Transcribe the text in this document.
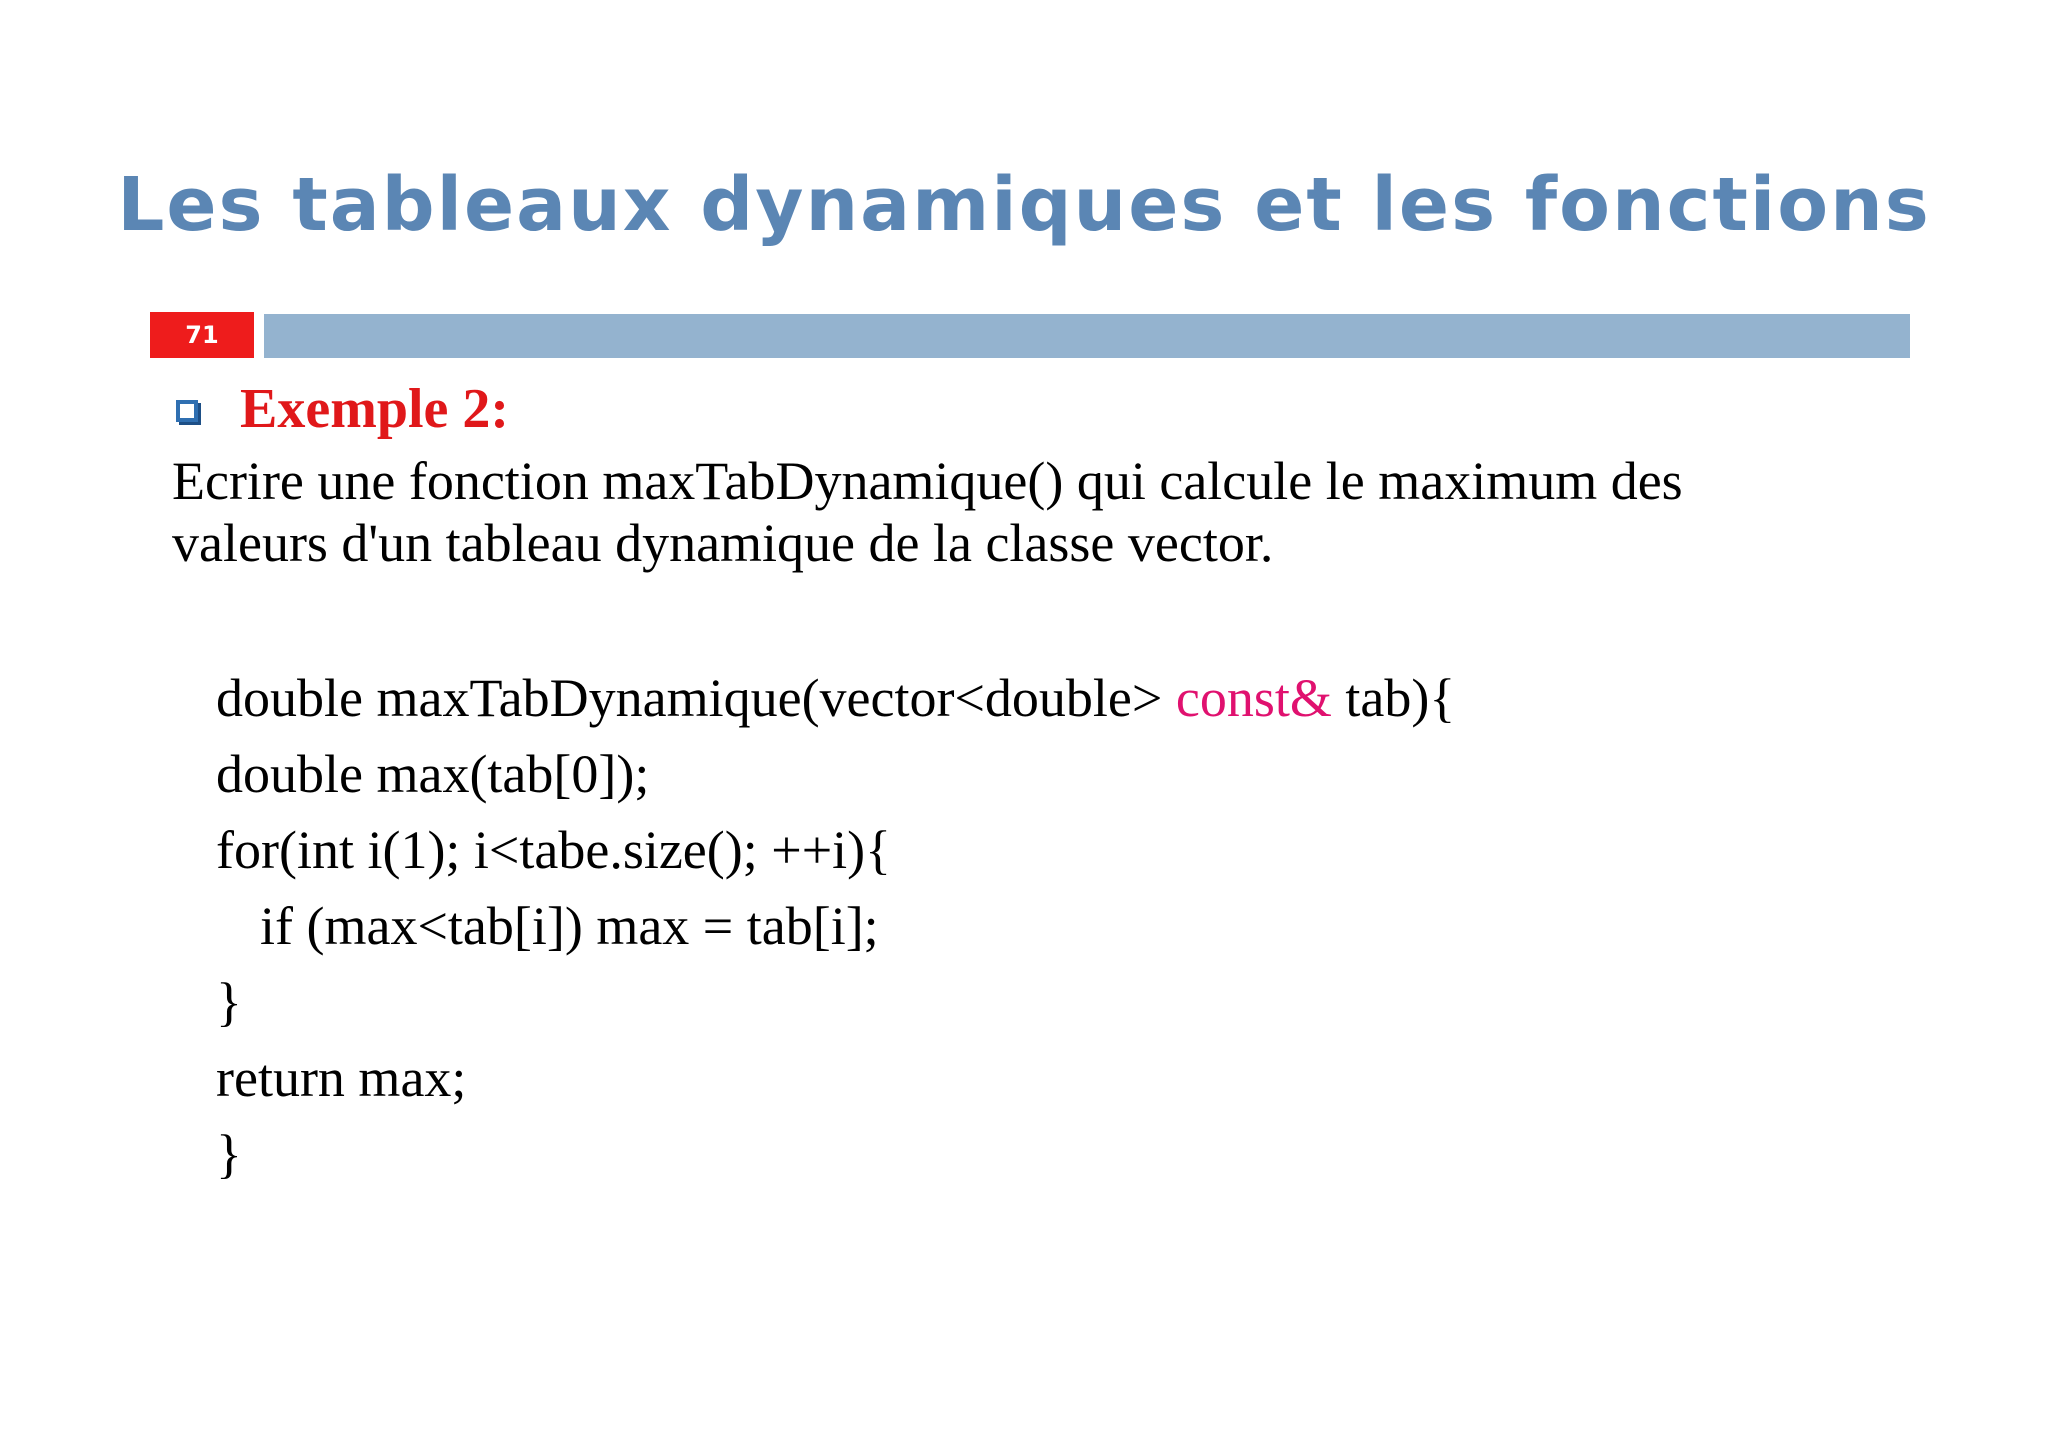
Les tableaux dynamiques et les fonctions
71
Exemple 2:
Ecrire une fonction maxTabDynamique() qui calcule le maximum des
valeurs d'un tableau dynamique de la classe vector.
double maxTabDynamique(vector<double> const& tab){
double max(tab[0]);
for(int i(1); i<tabe.size(); ++i){
if (max<tab[i]) max = tab[i];
}
return max;
}
